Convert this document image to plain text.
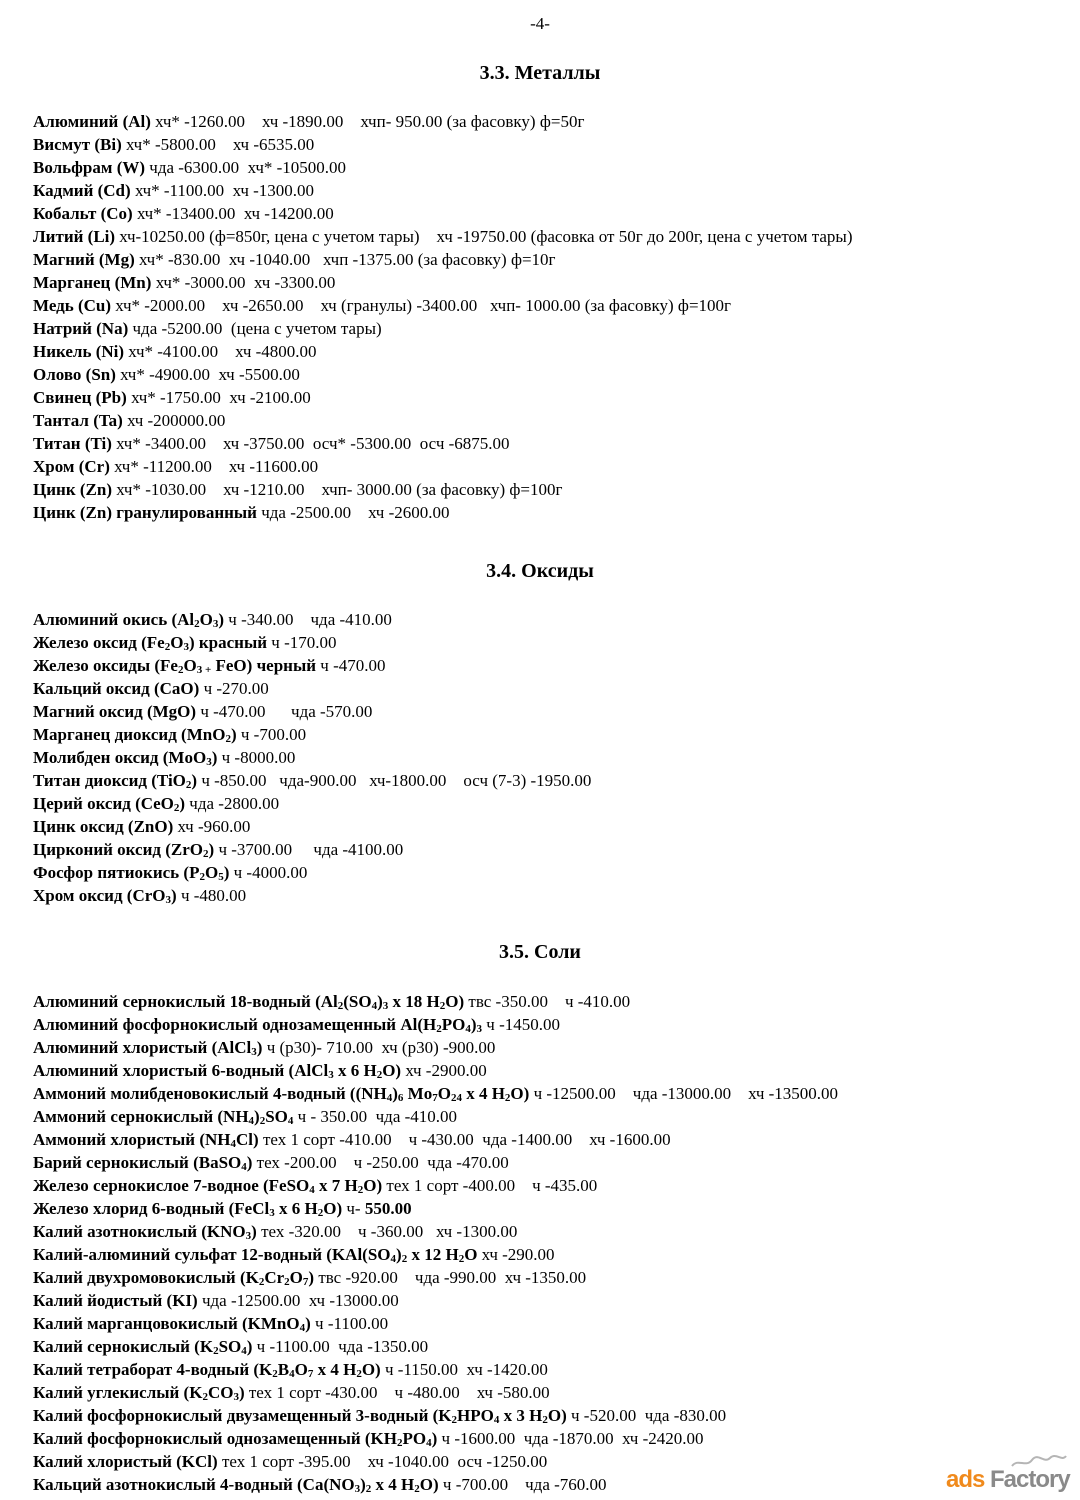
-4-
3.3. Металлы
Алюминий (Al) хч* -1260.00    хч -1890.00    хчп- 950.00 (за фасовку) ф=50г
Висмут (Bi) хч* -5800.00    хч -6535.00
Вольфрам (W) чда -6300.00  хч* -10500.00
Кадмий (Cd) хч* -1100.00  хч -1300.00
Кобальт (Co) хч* -13400.00  хч -14200.00
Литий (Li) хч-10250.00 (ф=850г, цена с учетом тары)    хч -19750.00 (фасовка от 50г до 200г, цена с учетом тары)
Магний (Mg) хч* -830.00  хч -1040.00   хчп -1375.00 (за фасовку) ф=10г
Марганец (Mn) хч* -3000.00  хч -3300.00
Медь (Cu) хч* -2000.00    хч -2650.00    хч (гранулы) -3400.00   хчп- 1000.00 (за фасовку) ф=100г
Натрий (Na) чда -5200.00  (цена с учетом тары)
Никель (Ni) хч* -4100.00    хч -4800.00
Олово (Sn) хч* -4900.00  хч -5500.00
Свинец (Pb) хч* -1750.00  хч -2100.00
Тантал (Ta) хч -200000.00
Титан (Ti) хч* -3400.00    хч -3750.00  осч* -5300.00  осч -6875.00
Хром (Cr) хч* -11200.00    хч -11600.00
Цинк (Zn) хч* -1030.00    хч -1210.00    хчп- 3000.00 (за фасовку) ф=100г
Цинк (Zn) гранулированный чда -2500.00    хч -2600.00
3.4. Оксиды
Алюминий окись $(Al_2O_3)$ ч -340.00    чда -410.00
Железо оксид $(Fe_2O_3)$ красный ч -170.00
Железо оксиды ($Fe_2O_{3 +}$ FeO) черный ч -470.00
Кальций оксид (CaO) ч -270.00
Магний оксид (MgO) ч -470.00      чда -570.00
Марганец диоксид (MnO$_2$) ч -700.00
Молибден оксид (MoO$_3$) ч -8000.00
Титан диоксид (TiO$_2$) ч -850.00   чда-900.00   хч-1800.00    осч (7-3) -1950.00
Церий оксид (CeO$_2$) чда -2800.00
Цинк оксид (ZnO) хч -960.00
Цирконий оксид (ZrO$_2$) ч -3700.00     чда -4100.00
Фосфор пятиокись $(P_2O_5)$ ч -4000.00
Хром оксид (CrO$_3$) ч -480.00
3.5. Соли
Алюминий сернокислый 18-водный ($Al_2(SO_4)_3$ x 18 $H_2O$) твс -350.00    ч -410.00
Алюминий фосфорнокислый однозамещенный $Al(H_2PO_4)_3$ ч -1450.00
Алюминий хлористый (AlCl$_3$) ч (р30)- 710.00  хч (р30) -900.00
Алюминий хлористый 6-водный (AlCl$_3$ x 6 $H_2O$) хч -2900.00
Аммоний молибденовокислый 4-водный ($(NH_4)_6$ $Mo_7O_{24}$ x 4 $H_2O$) ч -12500.00    чда -13000.00    хч -13500.00
Аммоний сернокислый $(NH_4)_2SO_4$ ч - 350.00  чда -410.00
Аммоний хлористый $(NH_4Cl)$ тех 1 сорт -410.00    ч -430.00  чда -1400.00    хч -1600.00
Барий сернокислый (BaSO$_4$) тех -200.00    ч -250.00  чда -470.00
Железо сернокислое 7-водное (FeSO$_4$ x 7 $H_2O$) тех 1 сорт -400.00    ч -435.00
Железо хлорид 6-водный (FeCl$_3$ x 6 $H_2O$) ч- 550.00
Калий азотнокислый $(KNO_3)$ тех -320.00    ч -360.00   хч -1300.00
Калий-алюминий сульфат 12-водный ($KAl(SO_4)_2$ x 12 $H_2O$ хч -290.00
Калий двухромовокислый $(K_2Cr_2O_7)$ твс -920.00    чда -990.00  хч -1350.00
Калий йодистый (KI) чда -12500.00  хч -13000.00
Калий марганцовокислый (KMnO$_4$) ч -1100.00
Калий сернокислый $(K_2SO_4)$ ч -1100.00  чда -1350.00
Калий тетраборат 4-водный ($K_2B_4O_7$ x 4 $H_2O$) ч -1150.00  хч -1420.00
Калий углекислый $(K_2CO_3)$ тех 1 сорт -430.00    ч -480.00    хч -580.00
Калий фосфорнокислый двузамещенный 3-водный ($K_2HPO_4$ x 3 $H_2O$) ч -520.00  чда -830.00
Калий фосфорнокислый однозамещенный $(KH_2PO_4)$ ч -1600.00  чда -1870.00  хч -2420.00
Калий хлористый (KCl) тех 1 сорт -395.00    хч -1040.00  осч -1250.00
Кальций азотнокислый 4-водный ($Ca(NO_3)_2$ x 4 $H_2O$) ч -700.00    чда -760.00	ads Factory
